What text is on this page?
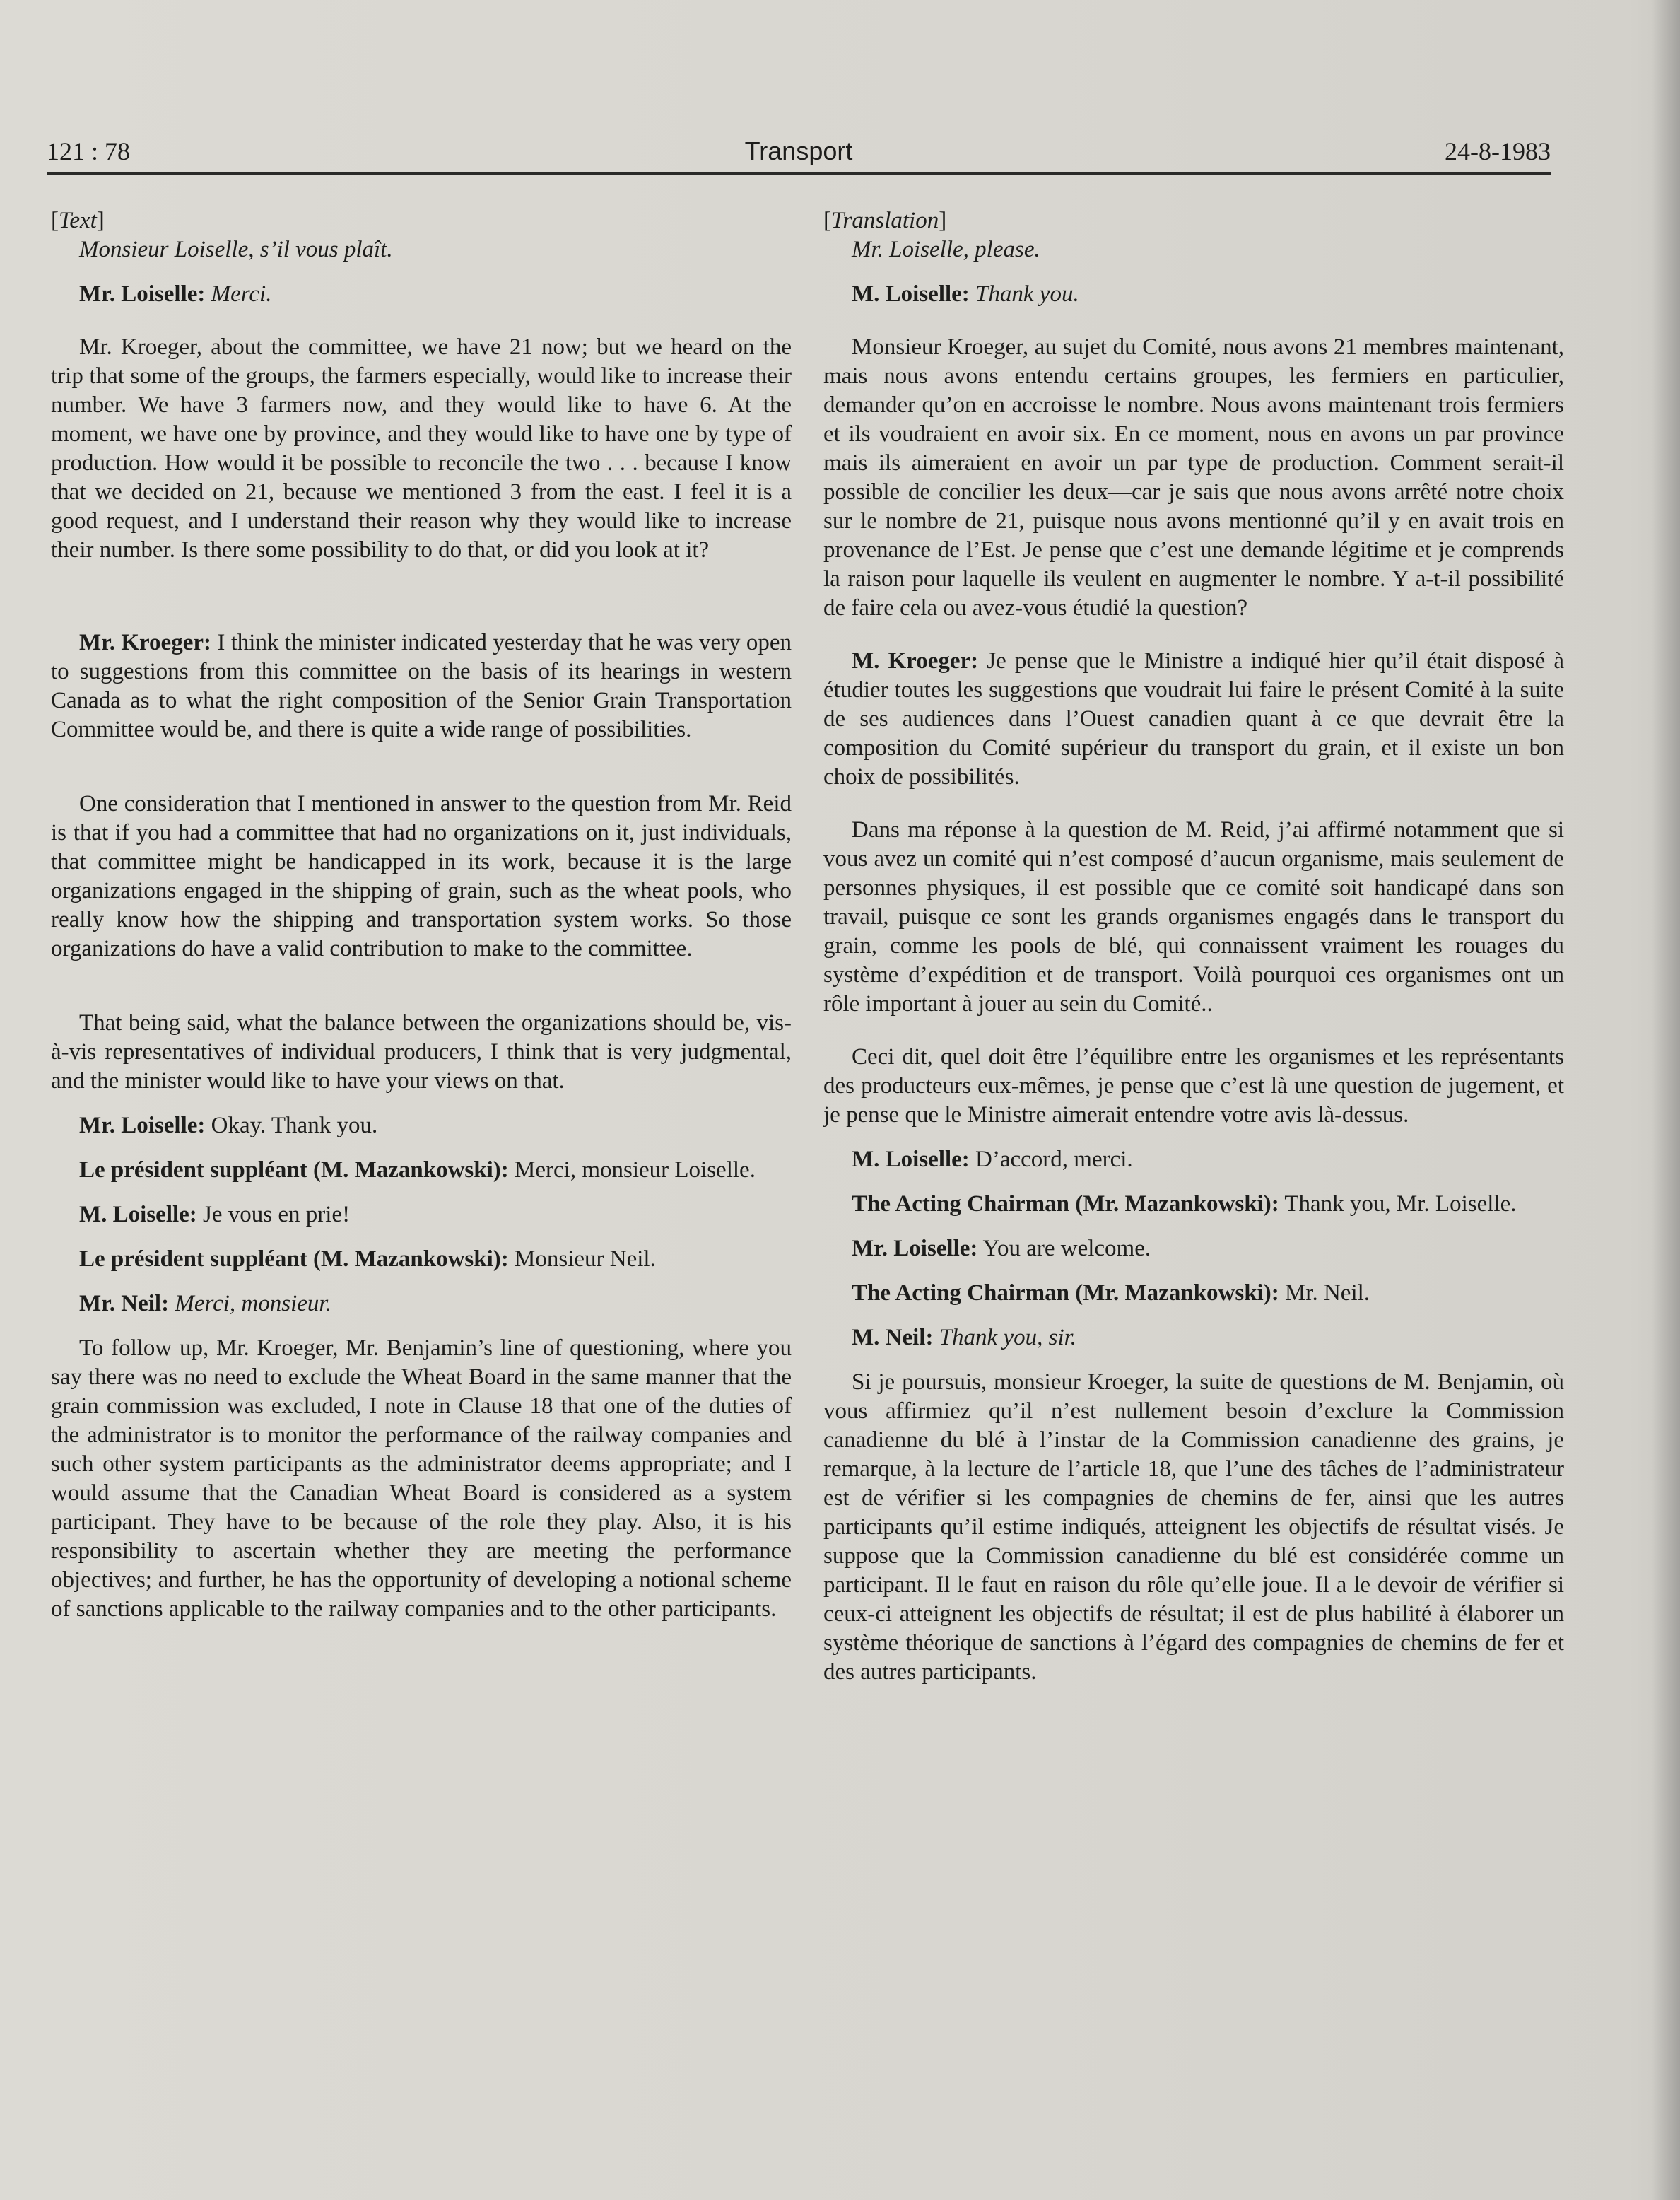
121 : 78	Transport	24-8-1983

[Text]

Monsieur Loiselle, s’il vous plaît.

Mr. Loiselle: Merci.

Mr. Kroeger, about the committee, we have 21 now; but we heard on the trip that some of the groups, the farmers especially, would like to increase their number. We have 3 farmers now, and they would like to have 6. At the moment, we have one by province, and they would like to have one by type of production. How would it be possible to reconcile the two . . . because I know that we decided on 21, because we mentioned 3 from the east. I feel it is a good request, and I understand their reason why they would like to increase their number. Is there some possibility to do that, or did you look at it?

Mr. Kroeger: I think the minister indicated yesterday that he was very open to suggestions from this committee on the basis of its hearings in western Canada as to what the right composition of the Senior Grain Transportation Committee would be, and there is quite a wide range of possibilities.

One consideration that I mentioned in answer to the question from Mr. Reid is that if you had a committee that had no organizations on it, just individuals, that committee might be handicapped in its work, because it is the large organizations engaged in the shipping of grain, such as the wheat pools, who really know how the shipping and transportation system works. So those organizations do have a valid contribution to make to the committee.

That being said, what the balance between the organizations should be, vis-à-vis representatives of individual producers, I think that is very judgmental, and the minister would like to have your views on that.

Mr. Loiselle: Okay. Thank you.

Le président suppléant (M. Mazankowski): Merci, monsieur Loiselle.

M. Loiselle: Je vous en prie!

Le président suppléant (M. Mazankowski): Monsieur Neil.

Mr. Neil: Merci, monsieur.

To follow up, Mr. Kroeger, Mr. Benjamin’s line of questioning, where you say there was no need to exclude the Wheat Board in the same manner that the grain commission was excluded, I note in Clause 18 that one of the duties of the administrator is to monitor the performance of the railway companies and such other system participants as the administrator deems appropriate; and I would assume that the Canadian Wheat Board is considered as a system participant. They have to be because of the role they play. Also, it is his responsibility to ascertain whether they are meeting the performance objectives; and further, he has the opportunity of developing a notional scheme of sanctions applicable to the railway companies and to the other participants.

[Translation]

Mr. Loiselle, please.

M. Loiselle: Thank you.

Monsieur Kroeger, au sujet du Comité, nous avons 21 membres maintenant, mais nous avons entendu certains groupes, les fermiers en particulier, demander qu’on en accroisse le nombre. Nous avons maintenant trois fermiers et ils voudraient en avoir six. En ce moment, nous en avons un par province mais ils aimeraient en avoir un par type de production. Comment serait-il possible de concilier les deux—car je sais que nous avons arrêté notre choix sur le nombre de 21, puisque nous avons mentionné qu’il y en avait trois en provenance de l’Est. Je pense que c’est une demande légitime et je comprends la raison pour laquelle ils veulent en augmenter le nombre. Y a-t-il possibilité de faire cela ou avez-vous étudié la question?

M. Kroeger: Je pense que le Ministre a indiqué hier qu’il était disposé à étudier toutes les suggestions que voudrait lui faire le présent Comité à la suite de ses audiences dans l’Ouest canadien quant à ce que devrait être la composition du Comité supérieur du transport du grain, et il existe un bon choix de possibilités.

Dans ma réponse à la question de M. Reid, j’ai affirmé notamment que si vous avez un comité qui n’est composé d’aucun organisme, mais seulement de personnes physiques, il est possible que ce comité soit handicapé dans son travail, puisque ce sont les grands organismes engagés dans le transport du grain, comme les pools de blé, qui connaissent vraiment les rouages du système d’expédition et de transport. Voilà pourquoi ces organismes ont un rôle important à jouer au sein du Comité..

Ceci dit, quel doit être l’équilibre entre les organismes et les représentants des producteurs eux-mêmes, je pense que c’est là une question de jugement, et je pense que le Ministre aimerait entendre votre avis là-dessus.

M. Loiselle: D’accord, merci.

The Acting Chairman (Mr. Mazankowski): Thank you, Mr. Loiselle.

Mr. Loiselle: You are welcome.

The Acting Chairman (Mr. Mazankowski): Mr. Neil.

M. Neil: Thank you, sir.

Si je poursuis, monsieur Kroeger, la suite de questions de M. Benjamin, où vous affirmiez qu’il n’est nullement besoin d’exclure la Commission canadienne du blé à l’instar de la Commission canadienne des grains, je remarque, à la lecture de l’article 18, que l’une des tâches de l’administrateur est de vérifier si les compagnies de chemins de fer, ainsi que les autres participants qu’il estime indiqués, atteignent les objectifs de résultat visés. Je suppose que la Commission canadienne du blé est considérée comme un participant. Il le faut en raison du rôle qu’elle joue. Il a le devoir de vérifier si ceux-ci atteignent les objectifs de résultat; il est de plus habilité à élaborer un système théorique de sanctions à l’égard des compagnies de chemins de fer et des autres participants.
